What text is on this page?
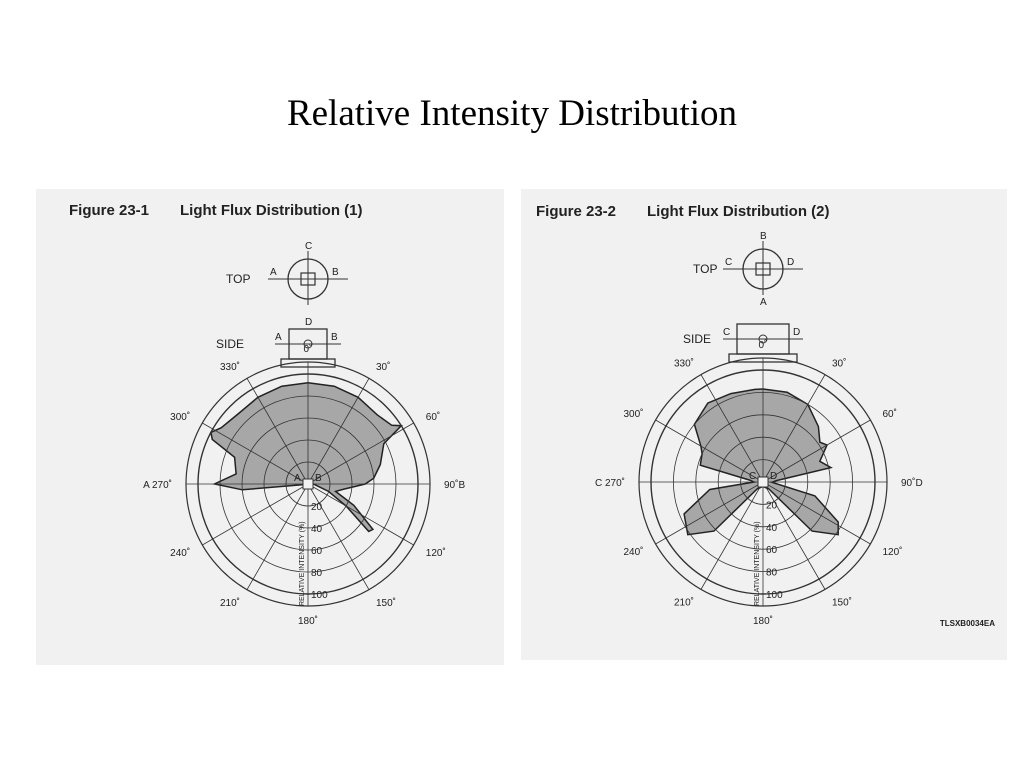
Relative Intensity Distribution
A B
0˚
30˚
60˚
90˚B
120˚
150˚
180˚
210˚
240˚
A 270˚
300˚
330˚
20
40
60
80
100
RELATIVE INTENSITY (%)
TOP A	B
C
SIDE	A	B
D
Figure 23-1 Light Flux Distribution (1)
C D
0˚
30˚
60˚
90˚D
120˚
150˚
180˚
210˚
240˚
C 270˚
300˚
330˚
20
40
60
80
100
RELATIVE INTENSITY (%)
TOP C	D
B
A
SIDE C	D
Figure 23-2 Light Flux Distribution (2)
TLSXB0034EA
